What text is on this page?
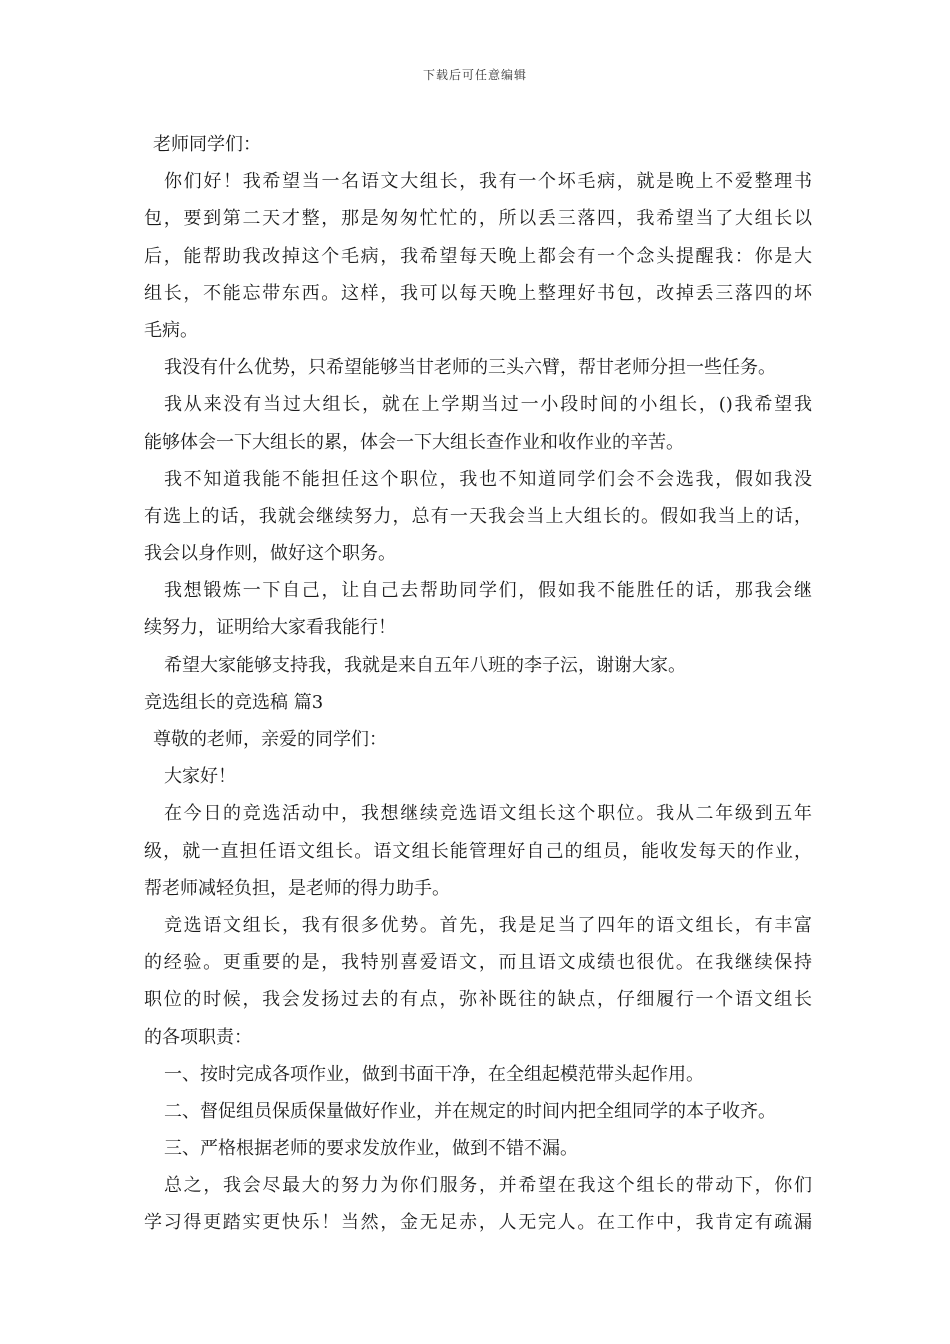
下载后可任意编辑
老师同学们：
你们好！我希望当一名语文大组长，我有一个坏毛病，就是晚上不爱整理书
包，要到第二天才整，那是匆匆忙忙的，所以丢三落四，我希望当了大组长以
后，能帮助我改掉这个毛病，我希望每天晚上都会有一个念头提醒我：你是大
组长，不能忘带东西。这样，我可以每天晚上整理好书包，改掉丢三落四的坏
毛病。
我没有什么优势，只希望能够当甘老师的三头六臂，帮甘老师分担一些任务。
我从来没有当过大组长，就在上学期当过一小段时间的小组长，()我希望我
能够体会一下大组长的累，体会一下大组长查作业和收作业的辛苦。
我不知道我能不能担任这个职位，我也不知道同学们会不会选我，假如我没
有选上的话，我就会继续努力，总有一天我会当上大组长的。假如我当上的话，
我会以身作则，做好这个职务。
我想锻炼一下自己，让自己去帮助同学们，假如我不能胜任的话，那我会继
续努力，证明给大家看我能行！
希望大家能够支持我，我就是来自五年八班的李子沄，谢谢大家。
竞选组长的竞选稿 篇3
尊敬的老师，亲爱的同学们：
大家好！
在今日的竞选活动中，我想继续竞选语文组长这个职位。我从二年级到五年
级，就一直担任语文组长。语文组长能管理好自己的组员，能收发每天的作业，
帮老师减轻负担，是老师的得力助手。
竞选语文组长，我有很多优势。首先，我是足当了四年的语文组长，有丰富
的经验。更重要的是，我特别喜爱语文，而且语文成绩也很优。在我继续保持
职位的时候，我会发扬过去的有点，弥补既往的缺点，仔细履行一个语文组长
的各项职责：
一、按时完成各项作业，做到书面干净，在全组起模范带头起作用。
二、督促组员保质保量做好作业，并在规定的时间内把全组同学的本子收齐。
三、严格根据老师的要求发放作业，做到不错不漏。
总之，我会尽最大的努力为你们服务，并希望在我这个组长的带动下，你们
学习得更踏实更快乐！当然，金无足赤，人无完人。在工作中，我肯定有疏漏
